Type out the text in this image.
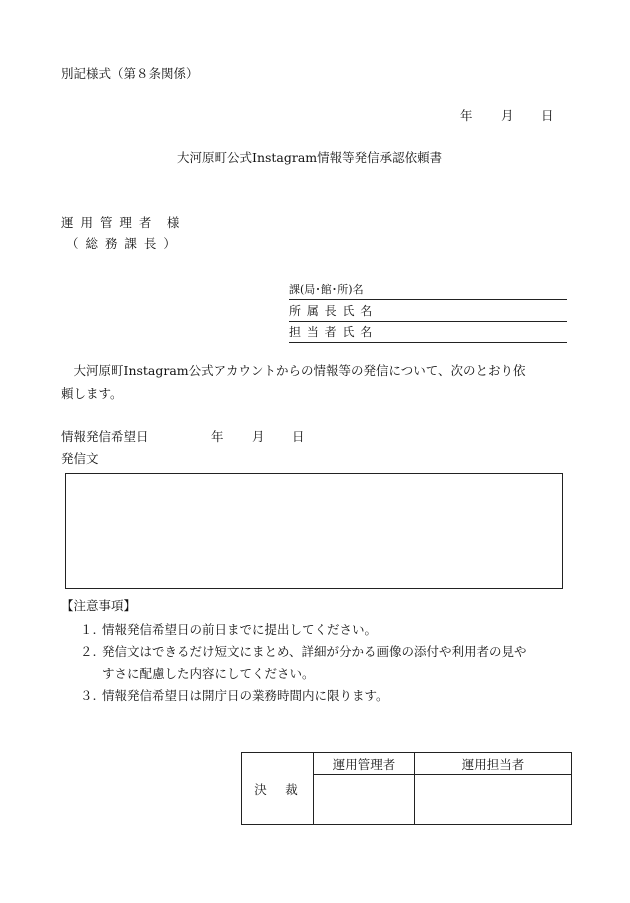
別記様式（第８条関係）
年 月 日
大河原町公式Instagram情報等発信承認依頼書
運 用 管 理 者　様
（ 総 務 課 長 ）
課(局･館･所)名
所 属 長 氏 名
担 当 者 氏 名
　大河原町Instagram公式アカウントからの情報等の発信について、次のとおり依
頼します。
情報発信希望日	年 月 日
発信文
【注意事項】
１. 情報発信希望日の前日までに提出してください。
２. 発信文はできるだけ短文にまとめ、詳細が分かる画像の添付や利用者の見や
すさに配慮した内容にしてください。
３. 情報発信希望日は開庁日の業務時間内に限ります。
決　裁	運用管理者	運用担当者
